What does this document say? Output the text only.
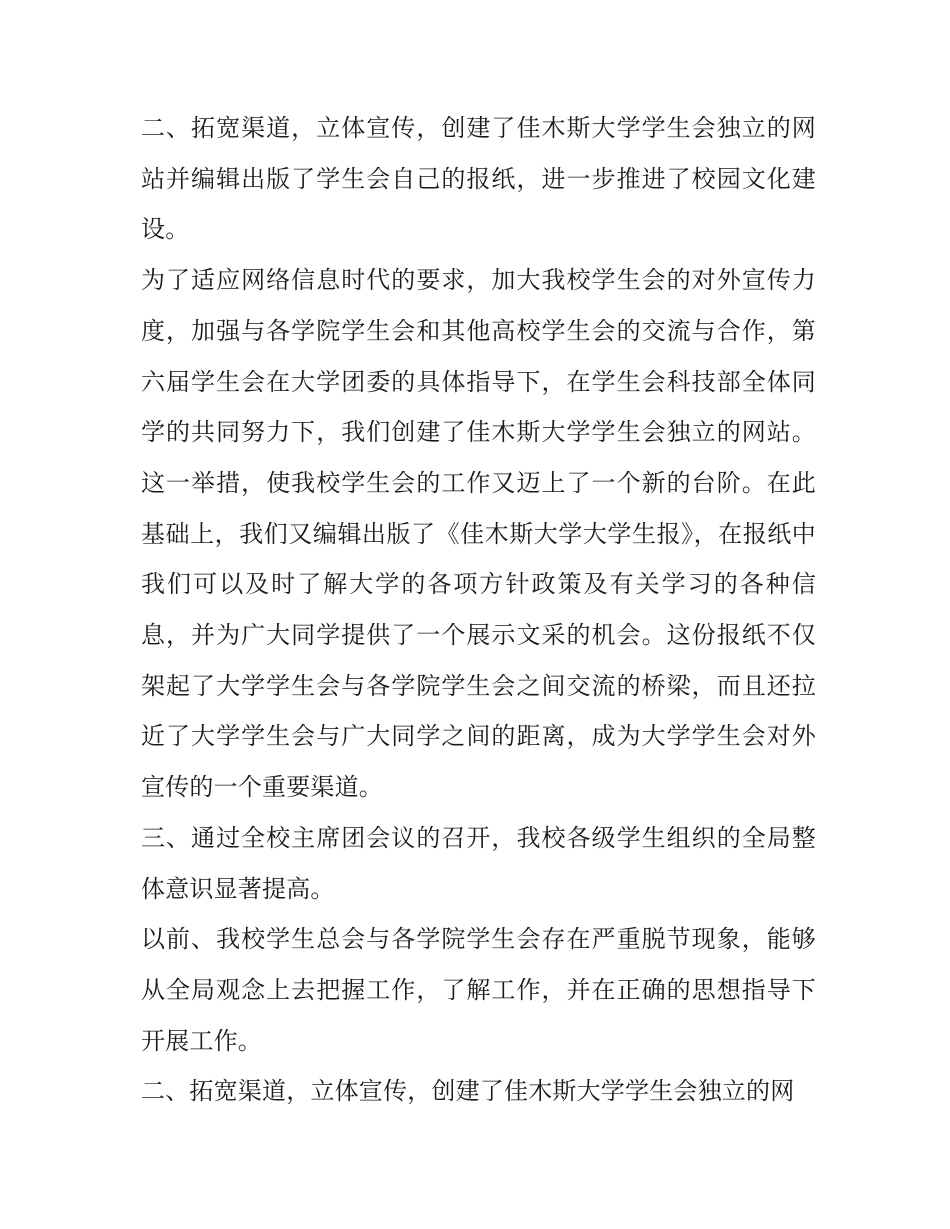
二、拓宽渠道，立体宣传，创建了佳木斯大学学生会独立的网站并编辑出版了学生会自己的报纸，进一步推进了校园文化建设。

为了适应网络信息时代的要求，加大我校学生会的对外宣传力度，加强与各学院学生会和其他高校学生会的交流与合作，第六届学生会在大学团委的具体指导下，在学生会科技部全体同学的共同努力下，我们创建了佳木斯大学学生会独立的网站。这一举措，使我校学生会的工作又迈上了一个新的台阶。在此基础上，我们又编辑出版了《佳木斯大学大学生报》，在报纸中我们可以及时了解大学的各项方针政策及有关学习的各种信息，并为广大同学提供了一个展示文采的机会。这份报纸不仅架起了大学学生会与各学院学生会之间交流的桥梁，而且还拉近了大学学生会与广大同学之间的距离，成为大学学生会对外宣传的一个重要渠道。

三、通过全校主席团会议的召开，我校各级学生组织的全局整体意识显著提高。

以前、我校学生总会与各学院学生会存在严重脱节现象，能够从全局观念上去把握工作，了解工作，并在正确的思想指导下开展工作。

二、拓宽渠道，立体宣传，创建了佳木斯大学学生会独立的网
